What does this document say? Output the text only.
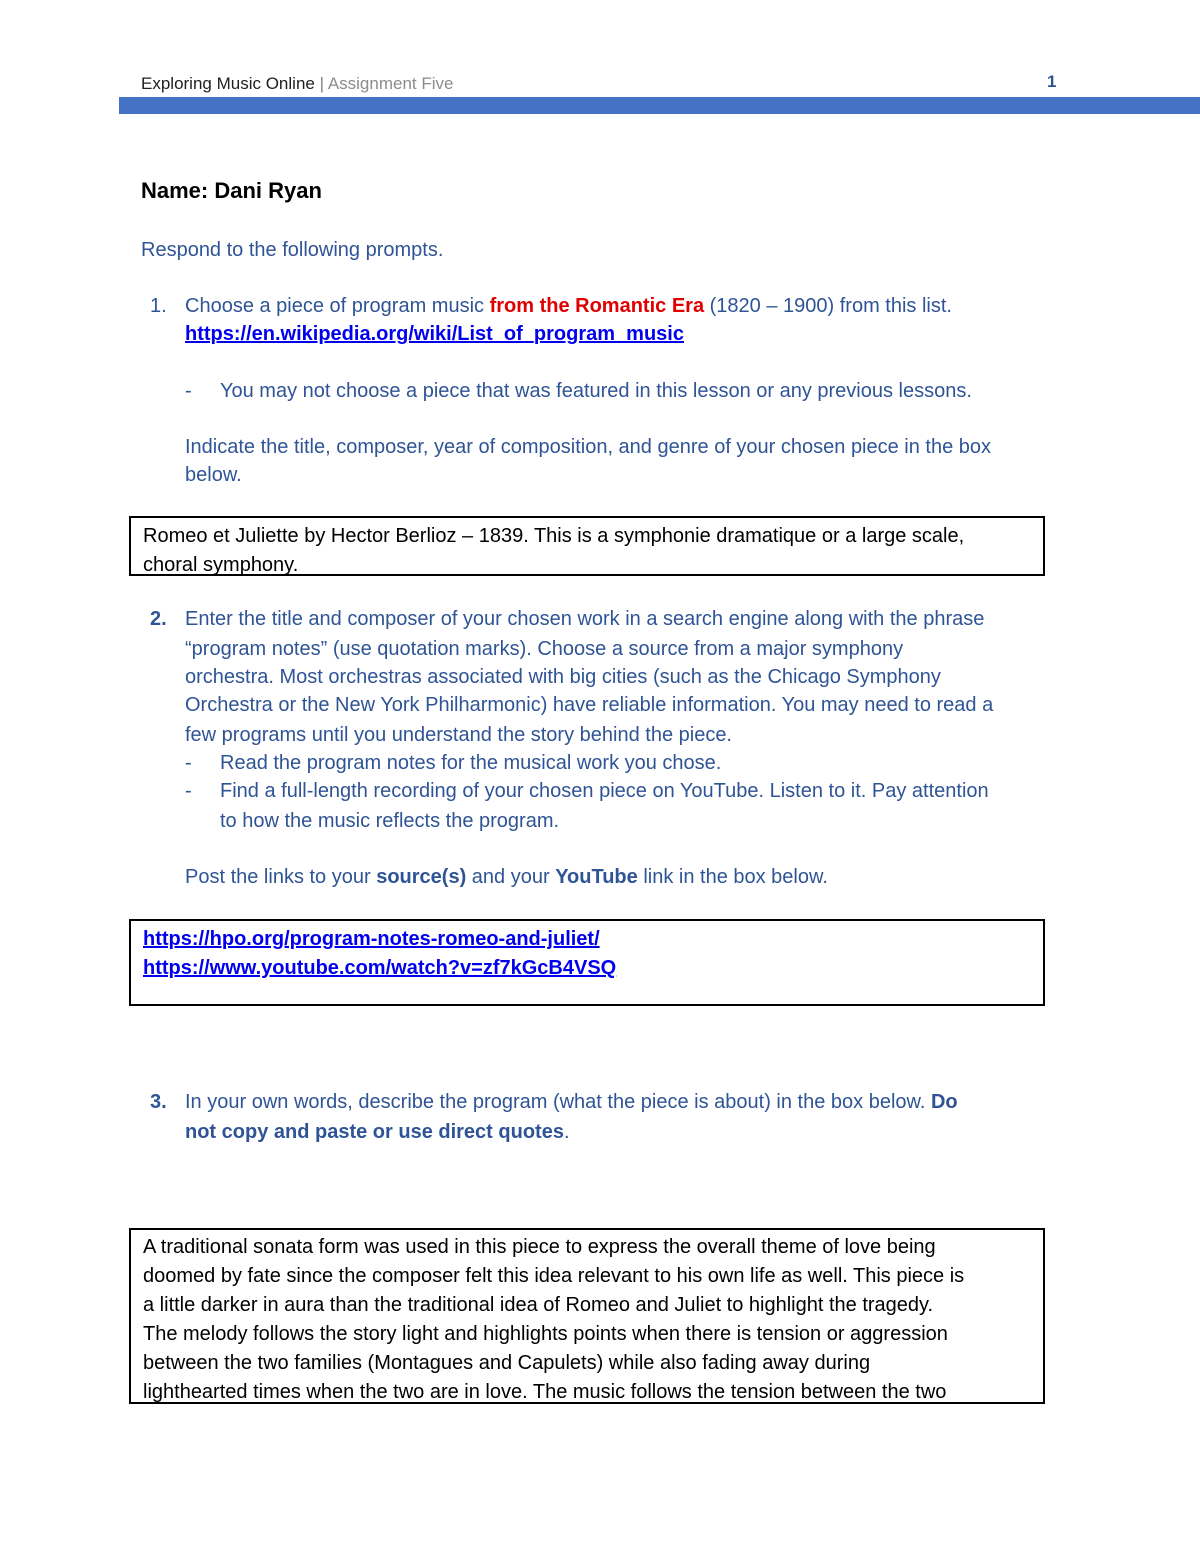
Exploring Music Online | Assignment Five	1
Name: Dani Ryan
Respond to the following prompts.
1. Choose a piece of program music from the Romantic Era (1820 – 1900) from this list.
https://en.wikipedia.org/wiki/List_of_program_music
- You may not choose a piece that was featured in this lesson or any previous lessons.
Indicate the title, composer, year of composition, and genre of your chosen piece in the box
below.
Romeo et Juliette by Hector Berlioz – 1839. This is a symphonie dramatique or a large scale,
choral symphony.
2. Enter the title and composer of your chosen work in a search engine along with the phrase
“program notes” (use quotation marks). Choose a source from a major symphony
orchestra. Most orchestras associated with big cities (such as the Chicago Symphony
Orchestra or the New York Philharmonic) have reliable information. You may need to read a
few programs until you understand the story behind the piece.
- Read the program notes for the musical work you chose.
- Find a full-length recording of your chosen piece on YouTube. Listen to it. Pay attention
to how the music reflects the program.
Post the links to your source(s) and your YouTube link in the box below.
https://hpo.org/program-notes-romeo-and-juliet/
https://www.youtube.com/watch?v=zf7kGcB4VSQ
3. In your own words, describe the program (what the piece is about) in the box below. Do
not copy and paste or use direct quotes.
A traditional sonata form was used in this piece to express the overall theme of love being
doomed by fate since the composer felt this idea relevant to his own life as well. This piece is
a little darker in aura than the traditional idea of Romeo and Juliet to highlight the tragedy.
The melody follows the story light and highlights points when there is tension or aggression
between the two families (Montagues and Capulets) while also fading away during
lighthearted times when the two are in love. The music follows the tension between the two
